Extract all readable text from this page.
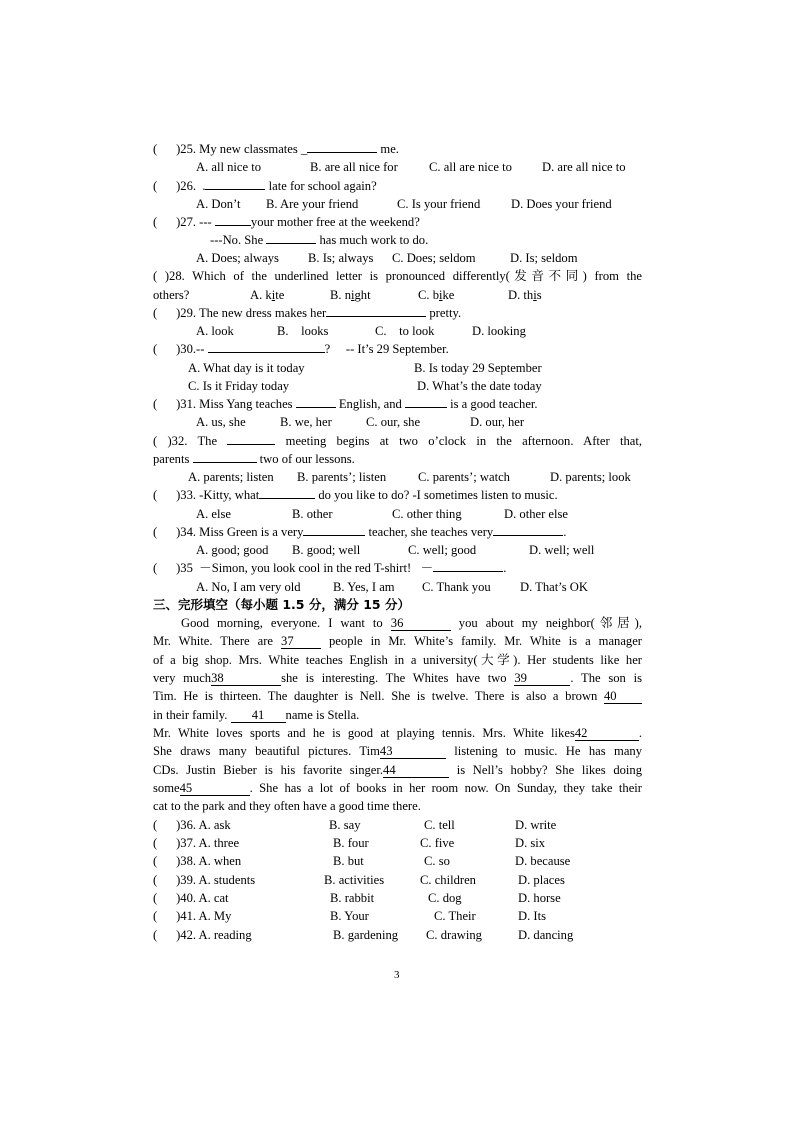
(      )25. My new classmates _	me.

A. all nice to

	B. are all nice for

C. all are nice to

D. are all nice to

(      )26.  .	late for school again?

A. Don’t

B. Are your friend

	C. Is your friend

D. Does your friend

(      )27. ---	your mother free at the weekend?
---No. She	has much work to do.

A. Does; always

B. Is; always

C. Does; seldom

	D. Is; seldom

( )28. Which of the underlined letter is pronounced differently(发音不同) from the

others?

	A. kite

	B. night

	C. bike

	D. this

(      )29. The new dress makes her	pretty.

A. look

	B.    looks

	C.    to look

	D. looking

(      )30.--	?     -- It’s 29 September.

A. What day is it today

	B. Is today 29 September

C. Is it Friday today

	D. What’s the date today

(      )31. Miss Yang teaches	English, and	is a good teacher.

A. us, she

	B. we, her

	C. our, she

	D. our, her

( )32. The	meeting begins at two o’clock in the afternoon. After that,
parents	two of our lessons.

A. parents; listen

B. parents’; listen

	C. parents’; watch

	D. parents; look

(      )33. -Kitty, what	do you like to do? -I sometimes listen to music.

A. else

	B. other

	C. other thing

	D. other else

(      )34. Miss Green is a very	teacher, she teaches very	.

A. good; good

B. good; well

	C. well; good

	D. well; well

(      )35  －Simon, you look cool in the red T-shirt!   －	.

A. No, I am very old

	B. Yes, I am

C. Thank you

D. That’s OK

三、完形填空（每小题 1.5 分，满分 15 分）
Good morning, everyone. I want to 36	you about my neighbor(邻居),
Mr. White. There are 37 people in Mr. White’s family. Mr. White is a manager
of a big shop. Mrs. White teaches English in a university(大学). Her students like her
very much38	she is interesting. The Whites have two 39	. The son is
Tim. He is thirteen. The daughter is Nell. She is twelve. There is also a brown 40
in their family. 41 name is Stella.
Mr. White loves sports and he is good at playing tennis. Mrs. White likes42	.
She draws many beautiful pictures. Tim43	listening to music. He has many
CDs. Justin Bieber is his favorite singer.44	is Nell’s hobby? She likes doing
some45	. She has a lot of books in her room now. On Sunday, they take their
cat to the park and they often have a good time there.

(      )36. A. ask

	B. say

	C. tell

	D. write

(      )37. A. three

	B. four

	C. five

	D. six

(      )38. A. when

	B. but

	C. so

	D. because

(      )39. A. students

	B. activities

	C. children

	D. places

(      )40. A. cat

	B. rabbit

	C. dog

	D. horse

(      )41. A. My

	B. Your

	C. Their

	D. Its

(      )42. A. reading

	B. gardening

C. drawing

	D. dancing

3
